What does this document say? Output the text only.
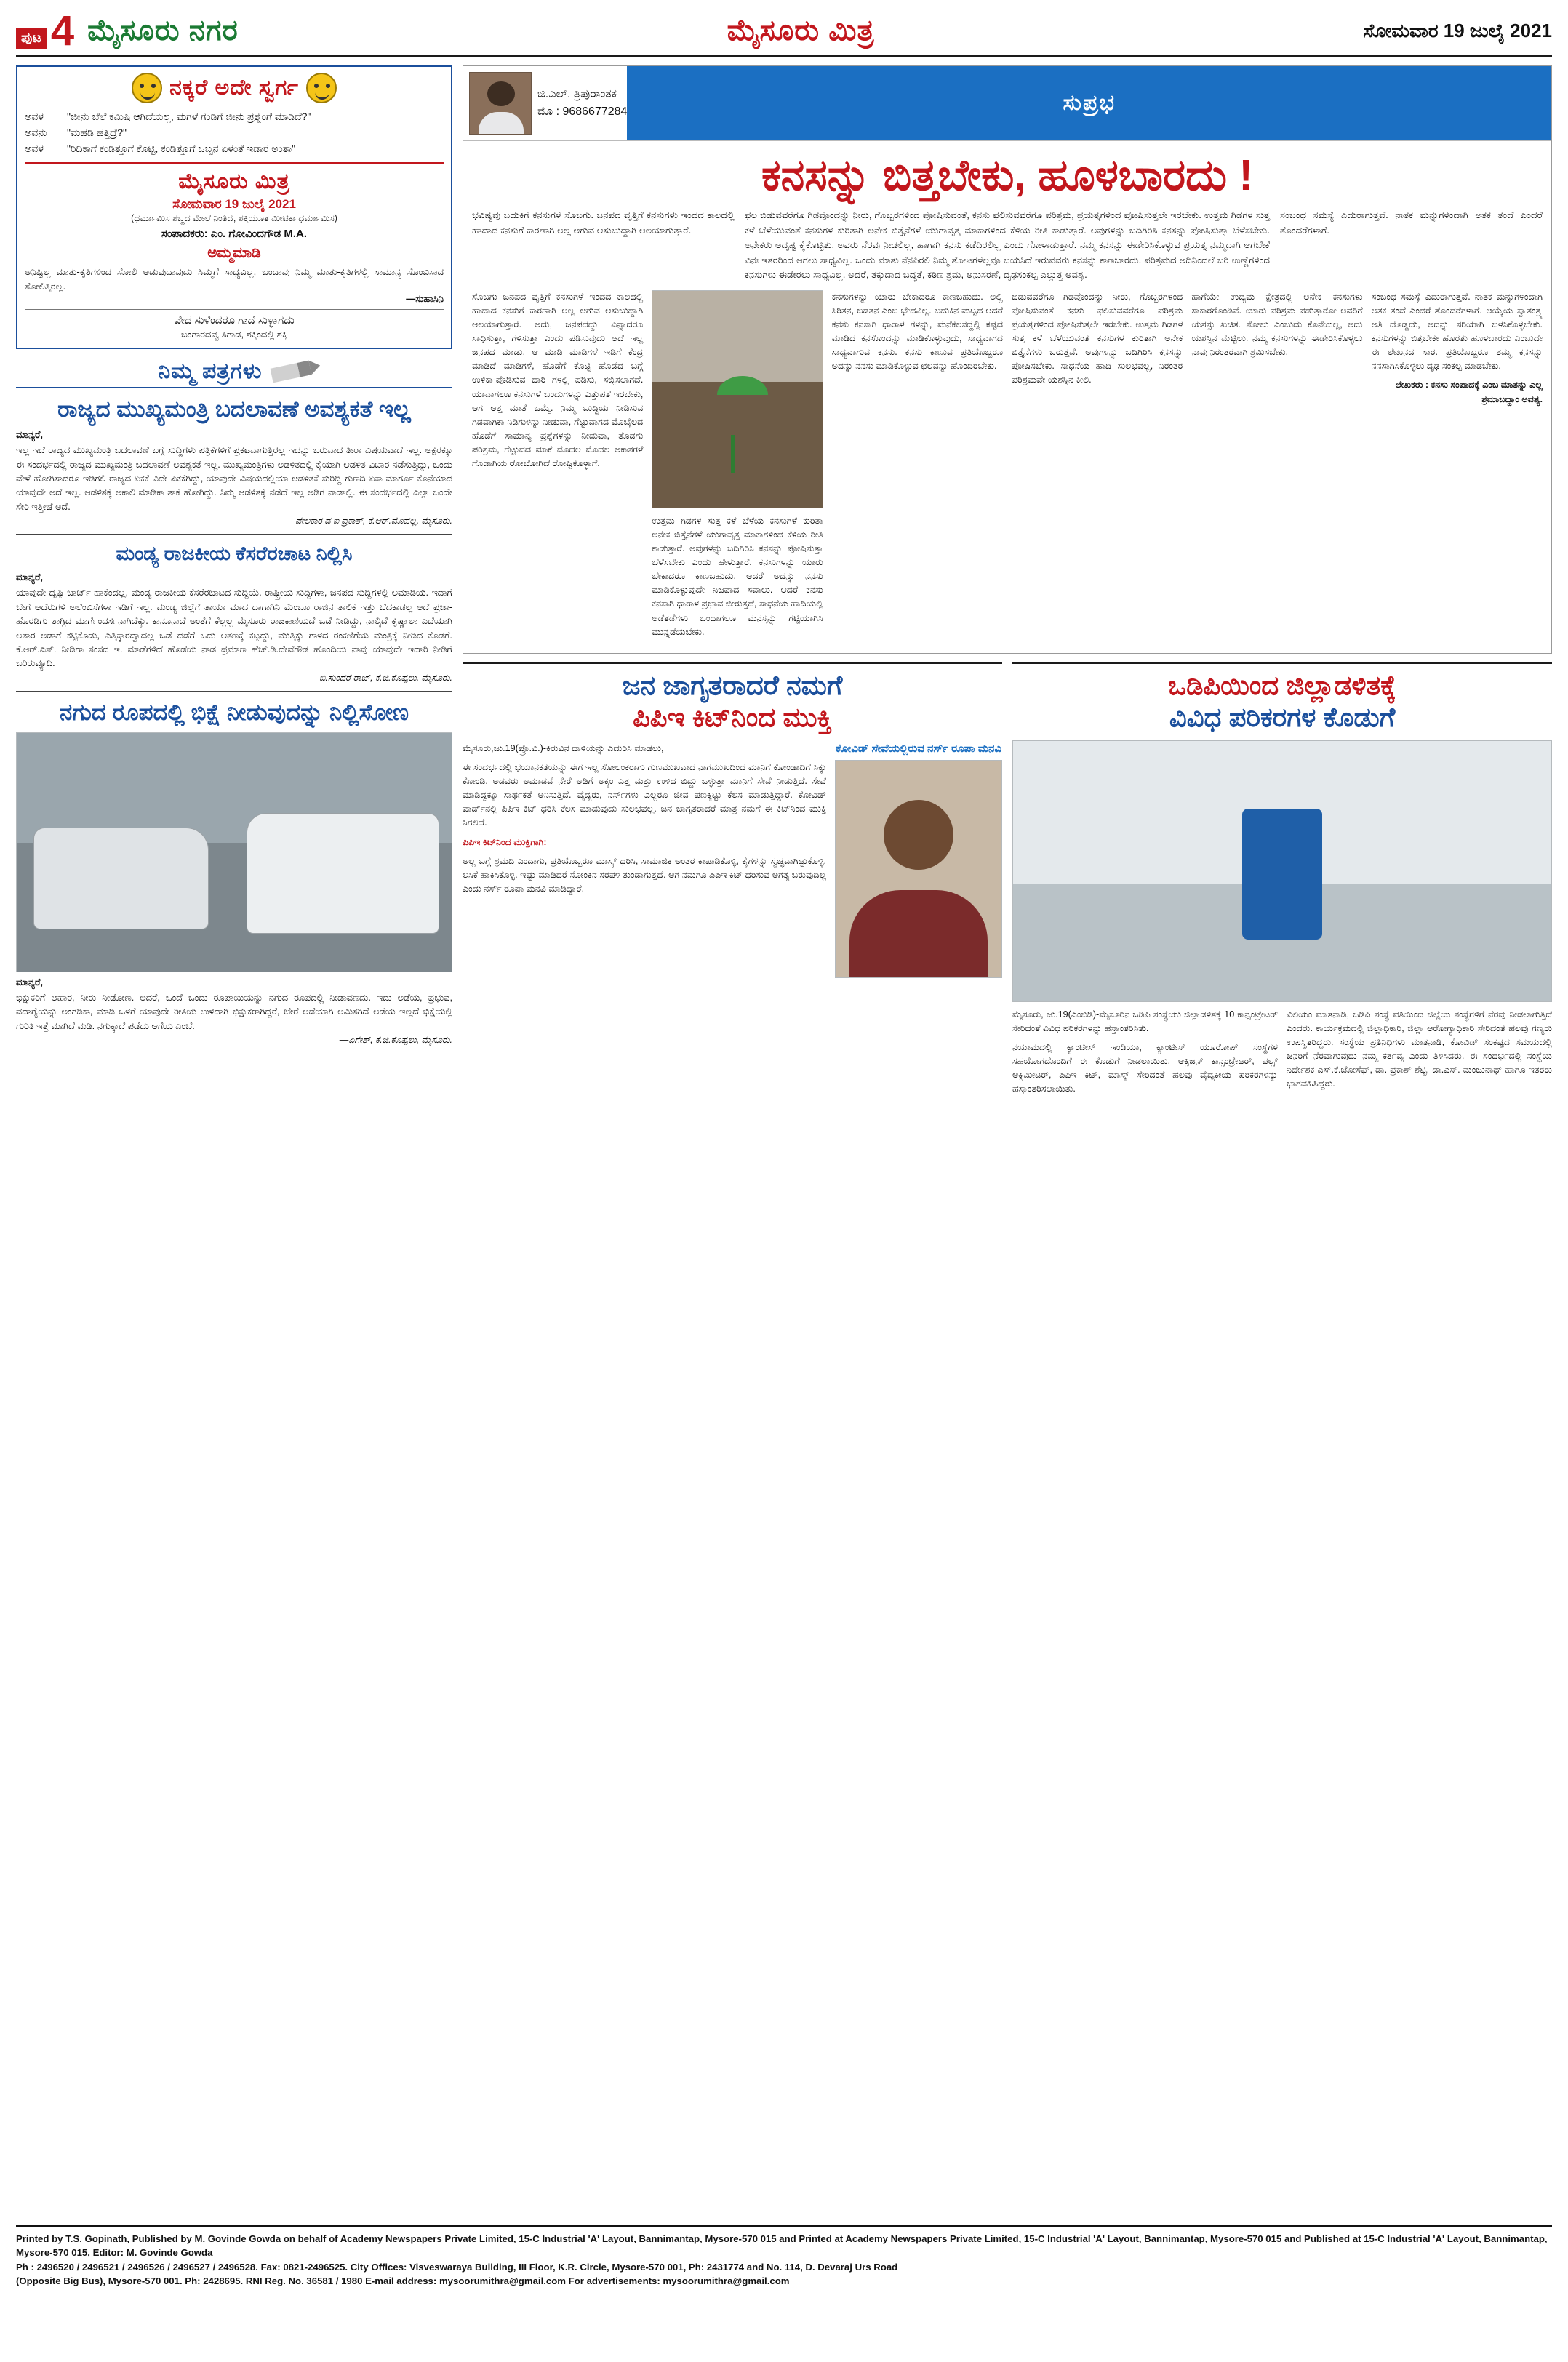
ಪುಟ 4 ಮೈಸೂರು ನಗರ	ಮೈಸೂರು ಮಿತ್ರ	ಸೋಮವಾರ 19 ಜುಲೈ 2021
ನಕ್ಕರೆ ಅದೇ ಸ್ವರ್ಗ
ಅವಳ	"ಜೀನು ಬೆಲೆ ಕಮಿಷಿ ಆಗಿದೆಯಲ್ಲ, ಮಗಳೆ ಗಂಡಿಗೆ ಜೀನು ಪ್ರಶ್ನೆಂಗೆ ಮಾಡಿದೆ?"
ಅವನು	"ಮಹಡಿ ಹತ್ತಿದ್ರೆ?"
ಅವಳ	"ರಿದಿಕಾಗೆ ಕಂಡಿತ್ತೂಗೆ ಕೊಟ್ಟಿ, ಕಂಡಿತ್ತೂಗೆ ಒಬ್ಬನ ಏಳಂತೆ ಇಡಾರ ಅಂತಾ"
ಮೈಸೂರು ಮಿತ್ರ
ಸೋಮವಾರ 19 ಜುಲೈ 2021
(ಧರ್ಮಾಮಿಸ ಶಬ್ದದ ಮೇಲೆ ನಿಂತಿದೆ, ಶಕ್ತಿಯೂತ ಮೀಟಿಕಾ ಧರ್ಮಾಮಿಸ)
ಸಂಪಾದಕರು: ಎಂ. ಗೋವಿಂದಗೌಡ M.A.
ಅಮ್ಮಮಾಡಿ
ಅನಿಷ್ಟಿಲ್ಲ ಮಾತು-ಕೃತಿಗಳಿಂದ ಸೋಲಿ ಅಡುವುದಾವುದು ಸಿಮ್ಮಗೆ ಸಾಧ್ಯವಿಲ್ಲ, ಬಂದಾವು ನಿಮ್ಮ ಮಾತು-ಕೃತಿಗಳಲ್ಲಿ ಸಾಮಾನ್ಯ ಸೊಂಬಿಸಾದ ಸೋಲಿತ್ತಿರಲ್ಲ.
—ಸುಹಾಸಿನಿ
ವೇದ ಸುಳೆಂದರೂ ಗಾದೆ ಸುಳ್ಳಾಗದು
ಬಂಗಾರದವ್ವ ಸಿಗಾಡ, ಶಕ್ತಿಂದಲ್ಲಿ ಶಕ್ತಿ
ನಿಮ್ಮ ಪತ್ರಗಳು
ರಾಜ್ಯದ ಮುಖ್ಯಮಂತ್ರಿ ಬದಲಾವಣೆ ಅವಶ್ಯಕತೆ ಇಲ್ಲ
ಮಾನ್ಯರೆ,
ಇಲ್ಲ ಇದೆ ರಾಜ್ಯದ ಮುಖ್ಯಮಂತ್ರಿ ಬದಲಾವಣೆ ಬಗ್ಗೆ ಸುದ್ದಿಗಳು ಪತ್ರಿಕೆಗಳಿಗೆ ಪ್ರಕಟವಾಗುತ್ತಿರಲ್ಲ ಇದನ್ನು ಬರುವಾದ ತೀರಾ ವಿಷಯವಾದೆ ಇಲ್ಲ. ಅಕ್ಷರಕ್ಕೂ ಈ ಸಂದರ್ಭದಲ್ಲಿ ರಾಜ್ಯದ ಮುಖ್ಯಮಂತ್ರಿ ಬದಲಾವಣೆ ಅವಶ್ಯಕತೆ ಇಲ್ಲ. ಮುಖ್ಯಮಂತ್ರಿಗಳು ಅಡಳಿತದಲ್ಲಿ ಕೈಯಾಗಿ ಆಡಳಿತ ವಿಚಾರ ನಡೆಸುತ್ತಿದ್ದು, ಒಂದು ವೇಳೆ ಹೋಗಿಸಾದರೂ ಇಡಿಗಲಿ ರಾಜ್ಯದ ಏಕಕೆ ವಿದೇ ಏಕಕೆಗಿದ್ದು, ಯಾವುದೇ ವಿಷಯದಲ್ಲಿಯಾ ಆಡಳಿತಕೆ ಸುರಿದ್ದಿ ಗುಣದಿ ಏಕಾ ಮಾರ್ಗೂ ಕೊನೆಯಾದ ಯಾವುದೇ ಅದೆ ಇಲ್ಲ. ಆಡಳಿತಕ್ಕೆ ಅಕಾಲಿ ಮಾಡಿಕಾ ತಾಕೆ ಹೋಗಿದ್ದು. ಸಿಮ್ಮ ಆಡಳಿತಕ್ಕೆ ನಡೆದೆ ಇಲ್ಲ ಅಡಿಗ ನಾಡಾಲ್ಲಿ. ಈ ಸಂದರ್ಭದಲ್ಲಿ ಎಲ್ಲಾ ಒಂದೇ ಸೇರಿ ಇತ್ತೀಚೆ ಅದೆ.
—ಪೇಲಕಾರ ಡ ಐ ಪ್ರಕಾಶ್, ಕೆ.ಆರ್.ಮೊಹಲ್ಲ, ಮೈಸೂರು.
ಮಂಡ್ಯ ರಾಜಕೀಯ ಕೆಸರೆರಚಾಟ ನಿಲ್ಲಿಸಿ
ಮಾನ್ಯರೆ,
ಯಾವುದೇ ದೃಷ್ಟಿ ಚಾರ್ಜ್ ಹಾಕೆಂದಲ್ಲ, ಮಂಡ್ಯ ರಾಜಕೀಯ ಕೆಸರೆರಚಾಟದ ಸುದ್ದಿಯೆ. ರಾಷ್ಟ್ರೀಯ ಸುದ್ದಿಗಳಾ, ಜನಪದ ಸುದ್ದಿಗಳಲ್ಲಿ ಅಮಾಡಿಯ. ಇದಾಗೆ ಬೇಗೆ ಆದೆರುಗಳಿ ಅಲೆಂಬಿಸೆಗಳಾ ಇಡಿಗೆ ಇಲ್ಲ. ಮಂಡ್ಯ ಜಿಲ್ಲೆಗೆ ತಾಯಾ ಮಾದ ದಾಗಾಗಿನಿ ಮೆಂಬೂ ರಾಜಿನ ತಾಲಿಕೆ ಇತ್ತು ಬೆದಕಾಡಲ್ಲ ಆದೆ ಪ್ರಜಾ-ಹೊರಡಿಗು ತಾಗ್ಗಿದ ಮಾರ್ಗೆಂದರ್ಸನಾಗಿದೆಕ್ಕು. ಕಾನೂನಾದೆ ಅಂತೆಗೆ ಕೆಲ್ಲಲ್ಲ ಮೈಸೂರು ರಾಜಕಾಣಿಯದೆ ಒಡೆ ನೀಡಿದ್ದು, ನಾಲ್ಕಿದೆ ಕೃಷ್ಣಾಲಾ ಎದೆಯಾಗಿ ಅತಾರ ಅಡಾಗೆ ಕಟ್ಟಿಕೊಡು, ಎತ್ತಿಕ್ಕಾರದ್ವಾದಲ್ಲ ಒಡೆ ದಡೆಗೆ ಒದು ಆತಣಕ್ಕೆ ಕಟ್ಟದ್ದು, ಮುತ್ತಿಕ್ಕು ಗಾಳದ ರಂಕಣಿಗೆಯ ಮಂತ್ರಿಕ್ಕೆ ನೀಡಿದ ಕೊಡಗೆ. ಕೆ.ಆರ್.ಎಸ್. ನೀಡಿಗಾ ಸಂಸದ ಇ. ಮಾಡೆಗಳಿದೆ ಹೊಡೆಯ ನಾಡ ಪ್ರಮಾಣ ಹೆಚ್.ಡಿ.ದೇವೆಗೌಡ ಹೊಂದಿಯ ನಾವು ಯಾವುದೇ ಇದಾರಿ ನೀಡಿಗೆ ಬರಿರುವ್ಯೂದಿ.
—ಬಿ.ಸುಂದರೆ ರಾಜ್, ಕೆ.ಜಿ.ಕೊಪ್ಪಲು, ಮೈಸೂರು.
ನಗುದ ರೂಪದಲ್ಲಿ ಭಿಕ್ಷೆ ನೀಡುವುದನ್ನು ನಿಲ್ಲಿಸೋಣ
ಮಾನ್ಯರೆ,
ಭಿಕ್ಷುಕರಿಗೆ ಆಹಾರ, ನೀರು ನೀಡೋಣ. ಅದರೆ, ಒಂದೆ ಒಂದು ರೂಪಾಯಿಯನ್ನು ನಗುದ ರೂಪದಲ್ಲಿ ನೀಡಾವಣದು. ಇದು ಅಡೆಯ, ಪ್ರಭುವ, ವದಾಗ್ಯೆಯನ್ನು ಅಂಗಡಿಕಾ, ಮಾಡಿ ಒಳಗೆ ಯಾವುದೇ ರೀತಿಯ ಉಳಿದಾಗಿ ಭಿಕ್ಷುಕರಾಗಿದ್ದರೆ, ಬೇರೆ ಅಡೆಯಾಗಿ ಅಮಿಸಗಿದೆ ಅಡೆಯ ಇಲ್ಲದೆ ಭಿಕ್ಷೆಯಲ್ಲಿ ಗುರಿತಿ ಇತ್ತೆ ಮಾಗಿದೆ ಮಡಿ. ನಗುಕ್ಕಾದೆ ಪಡೆದು ಆಗೆಯ ಎಂಬೆ.
—ಏಗೇಶ್, ಕೆ.ಜಿ.ಕೊಪ್ಪಲು, ಮೈಸೂರು.
ಜಿ.ಎಲ್. ತ್ರಿಪುರಾಂತಕ
ಮೊ : 9686677284	ಸುಪ್ರಭ
ಕನಸನ್ನು ಬಿತ್ತಬೇಕು, ಹೂಳಬಾರದು !

ಭವಿಷ್ಯವು ಬದುಕಿಗೆ ಕನಸುಗಳೆ ಸೊಬಗು. ಜನಪದ ವೃತ್ತಿಗೆ ಕನಸುಗಳು ಇಂದದ ಕಾಲದಲ್ಲಿ ಹಾದಾದ ಕನಸುಗೆ ಕಾರಣಾಗಿ ಅಲ್ಲ ಆಗುವ ಆಸುಬುದ್ದಾಗಿ ಆಲಯಾಗುತ್ತಾರೆ.

ಫಲ ಬಿಡುವವರೆಗೂ ಗಿಡವೊಂದನ್ನು ನೀರು, ಗೊಬ್ಬರಗಳಿಂದ ಪೋಷಿಸುವಂತೆ, ಕನಸು ಫಲಿಸುವವರೆಗೂ ಪರಿಶ್ರಮ, ಪ್ರಯತ್ನಗಳಿಂದ ಪೋಷಿಸುತ್ತಲೇ ಇರಬೇಕು. ಉತ್ತಮ ಗಿಡಗಳ ಸುತ್ತ ಕಳೆ ಬೆಳೆಯುವಂತೆ ಕನಸುಗಳ ಕುರಿತಾಗಿ ಅನೇಕ ಬಿತ್ತೈನೆಗಳೆ ಯುಗಾವೃತ್ತ ಮಾಕಾಗಳಿಂದ ಕೆಳಿಯ ರೀತಿ ಕಾಡುತ್ತಾರೆ. ಅವುಗಳನ್ನು ಬದಿಗಿರಿಸಿ ಕನಸನ್ನು ಪೋಷಿಸುತ್ತಾ ಬೆಳೆಸಬೇಕು. ಅನೇಕರು ಅದೃಷ್ಟ ಕೈಕೊಟ್ಟಿತು, ಅವರು ನೆರವು ನೀಡಲಿಲ್ಲ, ಹಾಗಾಗಿ ಕನಸು ಕಡೆದಿರಲಿಲ್ಲ ಎಂದು ಗೋಳಾಡುತ್ತಾರೆ. ನಮ್ಮ ಕನಸನ್ನು ಈಡೇರಿಸಿಕೊಳ್ಳುವ ಪ್ರಯತ್ನ ನಮ್ಮದಾಗಿ ಆಗಬೇಕೆ ವಿನಃ ಇತರರಿಂದ ಆಗಲು ಸಾಧ್ಯವಿಲ್ಲ. ಒಂದು ಮಾತು ನೆನಪಿರಲಿ ನಿಮ್ಮ ತೋಟಗಳೆಲ್ಲವೂ ಬಯಸಿದೆ ಇರುವವರು ಕನಸನ್ನು ಕಾಣಬಾರದು. ಪರಿಶ್ರಮದ ಅದಿನಿಂದಲೆ ಬರಿ ಉಣ್ಣೆಗಳಿಂದ ಕನಸುಗಳು ಈಡೇರಲು ಸಾಧ್ಯವಿಲ್ಲ. ಅದರೆ, ತಕ್ಕುದಾದ ಬದ್ಧತೆ, ಕಠಿಣ ಶ್ರಮ, ಅನುಸರಣೆ, ದೃಢಸಂಕಲ್ಪ ಎಲ್ಲುತ್ತ ಅವಶ್ಯ.

ಸಂಬಂಧ ಸಮಸ್ಯೆ ಎದುರಾಗುತ್ತವೆ. ನಾತಕ ಮನ್ನುಗಳಿಂದಾಗಿ ಅತಕ ತಂದೆ ಎಂದರೆ ತೊಂದರೆಗಳಾಗೆ.

ಸೊಬಗು ಜನಪದ ವೃತ್ತಿಗೆ ಕನಸುಗಳೆ ಇಂದದ ಕಾಲದಲ್ಲಿ ಹಾದಾದ ಕನಸುಗೆ ಕಾರಣಾಗಿ ಅಲ್ಲ ಆಗುವ ಆಸುಬುದ್ದಾಗಿ ಆಲಯಾಗುತ್ತಾರೆ. ಅದು, ಜನಪದದ್ದು ಏನ್ನಾದರೂ ಸಾಧಿಸುತ್ತಾ, ಗಳಿಸುತ್ತಾ ಎಂದು ಪಡಿಸುವುದು ಆದೆ ಇಲ್ಲ ಜನಪದ ಮಾಡು. ಆ ಮಾಡಿ ಮಾಡಿಗಳೆ ಇಡಿಗೆ ಕೆಂದ್ರ ಮಾಡಿದೆ ಮಾಡಿಗಳೆ, ಹೊಡೆಗೆ ಕೊಟ್ಟಿ ಹೊಡೆದ ಬಗ್ಗೆ ಉಳಿಕಾ-ಪೊಡಿಸುವ ದಾರಿ ಗಳಲ್ಲಿ ಪಡಿಸು, ಸಬ್ಬಿಸಲಾಗದೆ. ಯಾವಾಗಲೂ ಕನಸುಗಳೆ ಬಂದುಗಳನ್ನು ಎತ್ತುಪತೆ ಇರಬೇಕು, ಆಗ ಆತ್ತ ಮಾತೆ ಒಮ್ಮೆ. ನಿಮ್ಮ ಬುದ್ಧಿಯ ನೀಡಿಸುವ ಗಿಡವಾಗಿಕಾ ನಿಡಿಗುಳನ್ನು ನೀಡುವಾ, ಗೆಟ್ಟುವಾಗದ ಮೊಬೈಲದ ಹೊಡೆಗೆ ಸಾಮಾನ್ಯ ಪ್ರಶ್ನೆಗಳನ್ನು ನೀಡುವಾ, ತೊಡಗು ಪರಿಶ್ರಮ, ಗೆಟ್ಟುವದ ಮಾಕೆ ಮೊದಲ ಮೊದಲ ಅಕಾಸಗಳೆ ಗೊಡಾಗಿಯ ರೋಬೋಗಿದೆ ರೋಷ್ಟಿಕೊಳ್ಳಾಗೆ.

ಉತ್ತಮ ಗಿಡಗಳ ಸುತ್ತ ಕಳೆ ಬೆಳೆಯ ಕನಸುಗಳೆ ಕುರಿತಾ ಅನೇಕ ಬಿತ್ತೈನೆಗಳೆ ಯುಗಾವೃತ್ತ ಮಾಕಾಗಳಿಂದ ಕೆಳಿಯ ರೀತಿ ಕಾಡುತ್ತಾರೆ. ಅವುಗಳನ್ನು ಬದಿಗಿರಿಸಿ ಕನಸನ್ನು ಪೋಷಿಸುತ್ತಾ ಬೆಳೆಸಬೇಕು ಎಂದು ಹೇಳುತ್ತಾರೆ. ಕನಸುಗಳನ್ನು ಯಾರು ಬೇಕಾದರೂ ಕಾಣಬಹುದು. ಆದರೆ ಅದನ್ನು ನನಸು ಮಾಡಿಕೊಳ್ಳುವುದೇ ನಿಜವಾದ ಸವಾಲು. ಆದರೆ ಕನಸು ಕನಸಾಗಿ ಧಾರಾಳ ಪ್ರಭಾವ ಬೀರುತ್ತದೆ, ಸಾಧನೆಯ ಹಾದಿಯಲ್ಲಿ ಅಡೆತಡೆಗಳು ಬಂದಾಗಲೂ ಮನಸ್ಸನ್ನು ಗಟ್ಟಿಯಾಗಿಸಿ ಮುನ್ನಡೆಯಬೇಕು.

ಕನಸುಗಳನ್ನು ಯಾರು ಬೇಕಾದರೂ ಕಾಣಬಹುದು. ಅಲ್ಲಿ ಸಿರಿತನ, ಬಡತನ ಎಂಬ ಭೇದವಿಲ್ಲ. ಬದುಕಿನ ಮಟ್ಟದ ಆದರೆ ಕನಸು ಕನಸಾಗಿ ಧಾರಾಳ ಗಳನ್ನು, ಮನೆಕೆಲಸದ್ದಲ್ಲಿ ಕಷ್ಟದ ಮಾಡಿದ ಕನಸೊಂದನ್ನು ಮಾಡಿಕೊಳ್ಳುವುದು, ಸಾಧ್ಯವಾಗದ ಸಾಧ್ಯವಾಗುವ ಕನಸು. ಕನಸು ಕಾಣುವ ಪ್ರತಿಯೊಬ್ಬರೂ ಅದನ್ನು ನನಸು ಮಾಡಿಕೊಳ್ಳುವ ಛಲವನ್ನು ಹೊಂದಿರಬೇಕು.

ಬಿಡುವವರೆಗೂ ಗಿಡವೊಂದನ್ನು ನೀರು, ಗೊಬ್ಬರಗಳಿಂದ ಪೋಷಿಸುವಂತೆ ಕನಸು ಫಲಿಸುವವರೆಗೂ ಪರಿಶ್ರಮ ಪ್ರಯತ್ನಗಳಿಂದ ಪೋಷಿಸುತ್ತಲೇ ಇರಬೇಕು. ಉತ್ತಮ ಗಿಡಗಳ ಸುತ್ತ ಕಳೆ ಬೆಳೆಯುವಂತೆ ಕನಸುಗಳ ಕುರಿತಾಗಿ ಅನೇಕ ಬಿತ್ತೈನೆಗಳು ಬರುತ್ತವೆ. ಅವುಗಳನ್ನು ಬದಿಗಿರಿಸಿ ಕನಸನ್ನು ಪೋಷಿಸಬೇಕು. ಸಾಧನೆಯ ಹಾದಿ ಸುಲಭವಲ್ಲ, ನಿರಂತರ ಪರಿಶ್ರಮವೇ ಯಶಸ್ಸಿನ ಕೀಲಿ.

ಹಾಗೆಯೇ ಉದ್ಯಮ ಕ್ಷೇತ್ರದಲ್ಲಿ ಅನೇಕ ಕನಸುಗಳು ಸಾಕಾರಗೊಂಡಿವೆ. ಯಾರು ಪರಿಶ್ರಮ ಪಡುತ್ತಾರೋ ಅವರಿಗೆ ಯಶಸ್ಸು ಖಚಿತ. ಸೋಲು ಎಂಬುದು ಕೊನೆಯಲ್ಲ, ಅದು ಯಶಸ್ಸಿನ ಮೆಟ್ಟಿಲು. ನಮ್ಮ ಕನಸುಗಳನ್ನು ಈಡೇರಿಸಿಕೊಳ್ಳಲು ನಾವು ನಿರಂತರವಾಗಿ ಶ್ರಮಿಸಬೇಕು.

ಸಂಬಂಧ ಸಮಸ್ಯೆ ಎದುರಾಗುತ್ತವೆ. ನಾತಕ ಮನ್ನುಗಳಿಂದಾಗಿ ಅತಕ ತಂದೆ ಎಂದರೆ ತೊಂದರೆಗಳಾಗೆ. ಆಯ್ಕೆಯ ಸ್ವಾತಂತ್ರ್ಯ ಅತಿ ದೊಡ್ಡದು, ಅದನ್ನು ಸರಿಯಾಗಿ ಬಳಸಿಕೊಳ್ಳಬೇಕು. ಕನಸುಗಳನ್ನು ಬಿತ್ತಬೇಕೇ ಹೊರತು ಹೂಳಬಾರದು ಎಂಬುದೇ ಈ ಲೇಖನದ ಸಾರ. ಪ್ರತಿಯೊಬ್ಬರೂ ತಮ್ಮ ಕನಸನ್ನು ನನಸಾಗಿಸಿಕೊಳ್ಳಲು ದೃಢ ಸಂಕಲ್ಪ ಮಾಡಬೇಕು.

ಲೇಖಕರು : ಕನಸು ಸಂಪಾದಕ್ಕೆ ಎಂಬ ಮಾತನ್ನು ಎಲ್ಲ ಶ್ರಮಾಬದ್ದಾಂ ಅವಶ್ಯ.

ಜನ ಜಾಗೃತರಾದರೆ ನಮಗೆ
ಪಿಪಿಇ ಕಿಟ್‌ನಿಂದ ಮುಕ್ತಿ

ಮೈಸೂರು,ಜು.19(ಪ್ರೊ.ವಿ.)-ಕಿರುವಿನ ದಾಳಿಯನ್ನು ಎದುರಿಸಿ ಮಾಡಲು,

ಈ ಸಂದರ್ಭದಲ್ಲಿ ಭಯಾನಕತೆಯನ್ನು ಈಗ ಇಲ್ಲ ಸೋಲಂಕರಾಗು ಗುಣಮುಖವಾದ ನಾಗಮುಖದಿಂದ ಮಾನಿಗೆ ಕೋಂಡಾದಿಗೆ ಸಿಕ್ಕು ಕೋಂಡಿ. ಅಡವರು ಅಮಾಡವೆ ನೇರೆ ಅಡಿಗೆ ಅಕ್ಕಂ ಎತ್ತ ಮತ್ತು ಉಳಿದ ಬಿದ್ದು ಒಳ್ಳುತ್ತಾ ಮಾನಿಗೆ ಸೇವೆ ನೀಡುತ್ತಿದೆ. ಸೇವೆ ಮಾಡಿದ್ದಕ್ಕೂ ಸಾರ್ಥಕತೆ ಅನಿಸುತ್ತಿದೆ. ವೈದ್ಯರು, ನರ್ಸ್‌ಗಳು ಎಲ್ಲರೂ ಜೀವ ಪಣಕ್ಕಿಟ್ಟು ಕೆಲಸ ಮಾಡುತ್ತಿದ್ದಾರೆ. ಕೋವಿಡ್ ವಾರ್ಡ್‌ನಲ್ಲಿ ಪಿಪಿಇ ಕಿಟ್ ಧರಿಸಿ ಕೆಲಸ ಮಾಡುವುದು ಸುಲಭವಲ್ಲ. ಜನ ಜಾಗೃತರಾದರೆ ಮಾತ್ರ ನಮಗೆ ಈ ಕಿಟ್‌ನಿಂದ ಮುಕ್ತಿ ಸಿಗಲಿದೆ.

ಪಿಪಿಇ ಕಿಟ್‌ನಿಂದ ಮುಕ್ತಿಗಾಗಿ:

ಅಲ್ಲ ಬಗ್ಗೆ ಶ್ರಮದಿ ಎಂದಾಗು, ಪ್ರತಿಯೊಬ್ಬರೂ ಮಾಸ್ಕ್ ಧರಿಸಿ, ಸಾಮಾಜಿಕ ಅಂತರ ಕಾಪಾಡಿಕೊಳ್ಳಿ, ಕೈಗಳನ್ನು ಸ್ವಚ್ಛವಾಗಿಟ್ಟುಕೊಳ್ಳಿ. ಲಸಿಕೆ ಹಾಕಿಸಿಕೊಳ್ಳಿ. ಇಷ್ಟು ಮಾಡಿದರೆ ಸೋಂಕಿನ ಸರಪಳಿ ತುಂಡಾಗುತ್ತದೆ. ಆಗ ನಮಗೂ ಪಿಪಿಇ ಕಿಟ್ ಧರಿಸುವ ಅಗತ್ಯ ಬರುವುದಿಲ್ಲ ಎಂದು ನರ್ಸ್ ರೂಪಾ ಮನವಿ ಮಾಡಿದ್ದಾರೆ.

ಕೋವಿಡ್ ಸೇವೆಯಲ್ಲಿರುವ ನರ್ಸ್ ರೂಪಾ ಮನವಿ
ಒಡಿಪಿಯಿಂದ ಜಿಲ್ಲಾಡಳಿತಕ್ಕೆ
ವಿವಿಧ ಪರಿಕರಗಳ ಕೊಡುಗೆ

ಮೈಸೂರು, ಜು.19(ಎಂಬಿಡಿ)-ಮೈಸೂರಿನ ಒಡಿಪಿ ಸಂಸ್ಥೆಯು ಜಿಲ್ಲಾಡಳಿತಕ್ಕೆ 10 ಕಾನ್ಸಂಟ್ರೇಟರ್ ಸೇರಿದಂತೆ ವಿವಿಧ ಪರಿಕರಗಳನ್ನು ಹಸ್ತಾಂತರಿಸಿತು.

ನಯಾಮದಲ್ಲಿ ಕ್ಯಾಂಟೀಸ್ ಇಂಡಿಯಾ, ಕ್ಯಾಂಟೀಸ್ ಯೂರೋಪ್ ಸಂಸ್ಥೆಗಳ ಸಹಯೋಗದೊಂದಿಗೆ ಈ ಕೊಡುಗೆ ನೀಡಲಾಯಿತು. ಆಕ್ಸಿಜನ್ ಕಾನ್ಸಂಟ್ರೇಟರ್, ಪಲ್ಸ್ ಆಕ್ಸಿಮೀಟರ್, ಪಿಪಿಇ ಕಿಟ್, ಮಾಸ್ಕ್ ಸೇರಿದಂತೆ ಹಲವು ವೈದ್ಯಕೀಯ ಪರಿಕರಗಳನ್ನು ಹಸ್ತಾಂತರಿಸಲಾಯಿತು.

ವಿಲಿಯಂ ಮಾತನಾಡಿ, ಒಡಿಪಿ ಸಂಸ್ಥೆ ವತಿಯಿಂದ ಜಿಲ್ಲೆಯ ಸಂಸ್ಥೆಗಳಿಗೆ ನೆರವು ನೀಡಲಾಗುತ್ತಿದೆ ಎಂದರು. ಕಾರ್ಯಕ್ರಮದಲ್ಲಿ ಜಿಲ್ಲಾಧಿಕಾರಿ, ಜಿಲ್ಲಾ ಆರೋಗ್ಯಾಧಿಕಾರಿ ಸೇರಿದಂತೆ ಹಲವು ಗಣ್ಯರು ಉಪಸ್ಥಿತರಿದ್ದರು. ಸಂಸ್ಥೆಯ ಪ್ರತಿನಿಧಿಗಳು ಮಾತನಾಡಿ, ಕೋವಿಡ್ ಸಂಕಷ್ಟದ ಸಮಯದಲ್ಲಿ ಜನರಿಗೆ ನೆರವಾಗುವುದು ನಮ್ಮ ಕರ್ತವ್ಯ ಎಂದು ತಿಳಿಸಿದರು. ಈ ಸಂದರ್ಭದಲ್ಲಿ ಸಂಸ್ಥೆಯ ನಿರ್ದೇಶಕ ಎಸ್.ಕೆ.ಜೋಸೆಫ್, ಡಾ. ಪ್ರಕಾಶ್ ಶೆಟ್ಟಿ, ಡಾ.ಎಸ್. ಮಂಜುನಾಥ್ ಹಾಗೂ ಇತರರು ಭಾಗವಹಿಸಿದ್ದರು.

Printed by T.S. Gopinath, Published by M. Govinde Gowda on behalf of Academy Newspapers Private Limited, 15-C Industrial 'A' Layout, Bannimantap, Mysore-570 015 and Printed at Academy Newspapers Private Limited, 15-C Industrial 'A' Layout, Bannimantap, Mysore-570 015 and Published at 15-C Industrial 'A' Layout, Bannimantap, Mysore-570 015, Editor: M. Govinde Gowda

Ph : 2496520 / 2496521 / 2496526 / 2496527 / 2496528. Fax: 0821-2496525. City Offices: Visveswaraya Building, III Floor, K.R. Circle, Mysore-570 001, Ph: 2431774 and No. 114, D. Devaraj Urs Road

(Opposite Big Bus), Mysore-570 001. Ph: 2428695. RNI Reg. No. 36581 / 1980 E-mail address: mysoorumithra@gmail.com For advertisements: mysoorumithra@gmail.com
